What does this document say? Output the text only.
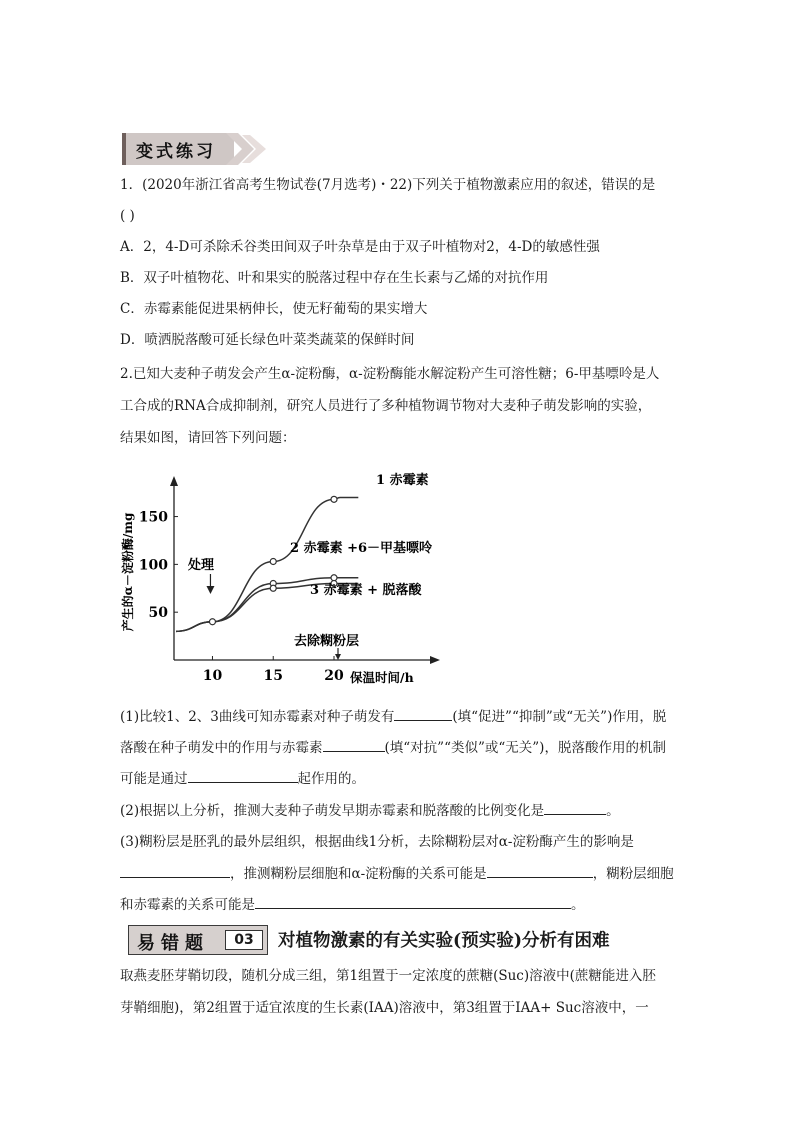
变式练习
1．(2020年浙江省高考生物试卷(7月选考)・22)下列关于植物激素应用的叙述，错误的是
( )
A．2，4-D可杀除禾谷类田间双子叶杂草是由于双子叶植物对2，4-D的敏感性强
B．双子叶植物花、叶和果实的脱落过程中存在生长素与乙烯的对抗作用
C．赤霉素能促进果柄伸长，使无籽葡萄的果实增大
D．喷洒脱落酸可延长绿色叶菜类蔬菜的保鲜时间
2.已知大麦种子萌发会产生α-淀粉酶，α-淀粉酶能水解淀粉产生可溶性糖；6-甲基嘌呤是人
工合成的RNA合成抑制剂，研究人员进行了多种植物调节物对大麦种子萌发影响的实验，
结果如图，请回答下列问题：
10	15	20
50
100
150
产生的α－淀粉酶/mg
保温时间/h
1 赤霉素
2 赤霉素 +6－甲基嘌呤
3 赤霉素 + 脱落酸
处理
去除糊粉层
(1)比较1、2、3曲线可知赤霉素对种子萌发有	(填“促进”“抑制”或“无关”)作用，脱
落酸在种子萌发中的作用与赤霉素	(填“对抗”“类似”或“无关”)，脱落酸作用的机制
可能是通过	起作用的。
(2)根据以上分析，推测大麦种子萌发早期赤霉素和脱落酸的比例变化是	。
(3)糊粉层是胚乳的最外层组织，根据曲线1分析，去除糊粉层对α-淀粉酶产生的影响是
，推测糊粉层细胞和α-淀粉酶的关系可能是	，糊粉层细胞
和赤霉素的关系可能是	。
易错题	03	对植物激素的有关实验(预实验)分析有困难
取燕麦胚芽鞘切段，随机分成三组，第1组置于一定浓度的蔗糖(Suc)溶液中(蔗糖能进入胚
芽鞘细胞)，第2组置于适宜浓度的生长素(IAA)溶液中，第3组置于IAA+ Suc溶液中，一
